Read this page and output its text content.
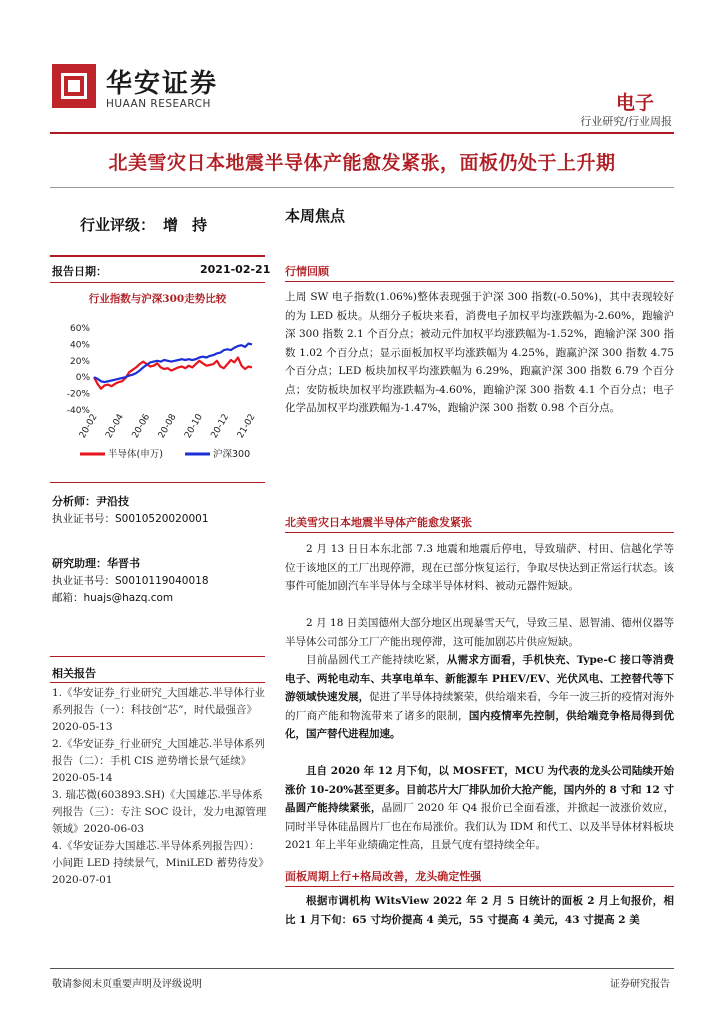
华安证券
HUAAN RESEARCH	电子
行业研究/行业周报
北美雪灾日本地震半导体产能愈发紧张，面板仍处于上升期
行业评级： 增持
报告日期：	2021-02-21
行业指数与沪深300走势比较
60%
40%
20%
0%
-20%
-40%
20-02 20-04 20-06 20-08 20-10 20-12 21-02
半导体(申万)	沪深300
分析师：尹沿技
执业证书号：S0010520020001
研究助理：华晋书
执业证书号：S0010119040018
邮箱：huajs@hazq.com
相关报告

1.《华安证券_行业研究_大国雄芯.半导体行业系列报告（一）：科技创“芯”，时代最强音》2020-05-13

2.《华安证券_行业研究_大国雄芯.半导体系列报告（二）：手机 CIS 逆势增长景气延续》2020-05-14

3. 瑞芯微(603893.SH)《大国雄芯.半导体系列报告（三）：专注 SOC 设计，发力电源管理领域》2020-06-03

4.《华安证券大国雄芯.半导体系列报告四）：小间距 LED 持续景气，MiniLED 蓄势待发》2020-07-01

本周焦点
行情回顾
上周 SW 电子指数(1.06%)整体表现强于沪深 300 指数(-0.50%)，其中表现较好的为 LED 板块。从细分子板块来看，消费电子加权平均涨跌幅为-2.60%，跑输沪深 300 指数 2.1 个百分点；被动元件加权平均涨跌幅为-1.52%，跑输沪深 300 指数 1.02 个百分点；显示面板加权平均涨跌幅为 4.25%，跑赢沪深 300 指数 4.75 个百分点；LED 板块加权平均涨跌幅为 6.29%，跑赢沪深 300 指数 6.79 个百分点；安防板块加权平均涨跌幅为-4.60%，跑输沪深 300 指数 4.1 个百分点；电子化学品加权平均涨跌幅为-1.47%，跑输沪深 300 指数 0.98 个百分点。
北美雪灾日本地震半导体产能愈发紧张
2 月 13 日日本东北部 7.3 地震和地震后停电，导致瑞萨、村田、信越化学等位于该地区的工厂出现停滞，现在已部分恢复运行，争取尽快达到正常运行状态。该事件可能加剧汽车半导体与全球半导体材料、被动元器件短缺。
2 月 18 日美国德州大部分地区出现暴雪天气，导致三星、恩智浦、德州仪器等半导体公司部分工厂产能出现停滞，这可能加剧芯片供应短缺。
目前晶圆代工产能持续吃紧，从需求方面看，手机快充、Type-C 接口等消费电子、两轮电动车、共享电单车、新能源车 PHEV/EV、光伏风电、工控替代等下游领域快速发展，促进了半导体持续繁荣，供给端来看，今年一波三折的疫情对海外的厂商产能和物流带来了诸多的限制，国内疫情率先控制，供给端竞争格局得到优化，国产替代进程加速。
且自 2020 年 12 月下旬，以 MOSFET，MCU 为代表的龙头公司陆续开始涨价 10-20%甚至更多。目前芯片大厂排队加价大抢产能，国内外的 8 寸和 12 寸晶圆产能持续紧张，晶圆厂 2020 年 Q4 报价已全面看涨，并掀起一波涨价效应，同时半导体硅晶圆片厂也在布局涨价。我们认为 IDM 和代工、以及半导体材料板块 2021 年上半年业绩确定性高，且景气度有望持续全年。
面板周期上行+格局改善，龙头确定性强
根据市调机构 WitsView 2022 年 2 月 5 日统计的面板 2 月上旬报价，相比 1 月下旬：65 寸均价提高 4 美元，55 寸提高 4 美元，43 寸提高 2 美
敬请参阅末页重要声明及评级说明	证券研究报告
